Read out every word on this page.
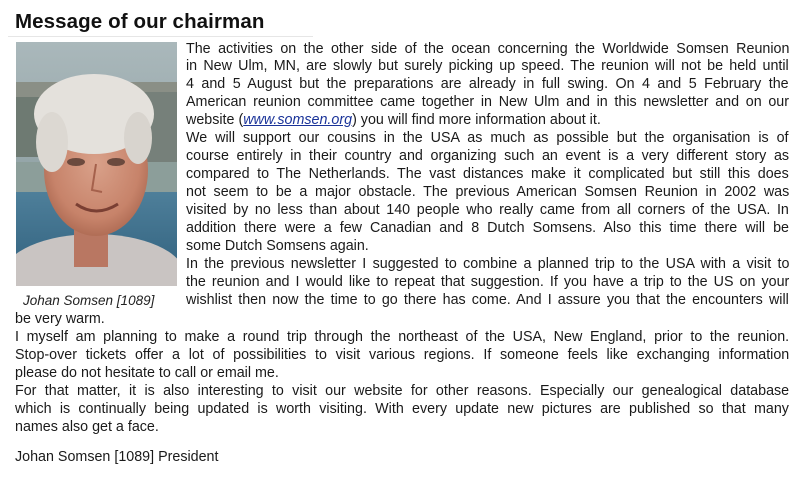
Message of our chairman
Johan Somsen [1089]
The activities on the other side of the ocean concerning the Worldwide Somsen Reunion
in New Ulm, MN, are slowly but surely picking up speed. The reunion will not be held until
4 and 5 August but the preparations are already in full swing. On 4 and 5 February the
American reunion committee came together in New Ulm and in this newsletter and on our
website (www.somsen.org) you will find more information about it.
We will support our cousins in the USA as much as possible but the organisation is of
course entirely in their country and organizing such an event is a very different story as
compared to The Netherlands. The vast distances make it complicated but still this does
not seem to be a major obstacle. The previous American Somsen Reunion in 2002 was
visited by no less than about 140 people who really came from all corners of the USA. In
addition there were a few Canadian and 8 Dutch Somsens. Also this time there will be
some Dutch Somsens again.
In the previous newsletter I suggested to combine a planned trip to the USA with a visit to
the reunion and I would like to repeat that suggestion. If you have a trip to the US on your
wishlist then now the time to go there has come. And I assure you that the encounters will
be very warm.
I myself am planning to make a round trip through the northeast of the USA, New England, prior to the reunion.
Stop-over tickets offer a lot of possibilities to visit various regions. If someone feels like exchanging information
please do not hesitate to call or email me.
For that matter, it is also interesting to visit our website for other reasons. Especially our genealogical database
which is continually being updated is worth visiting. With every update new pictures are published so that many
names also get a face.
Johan Somsen [1089] President
